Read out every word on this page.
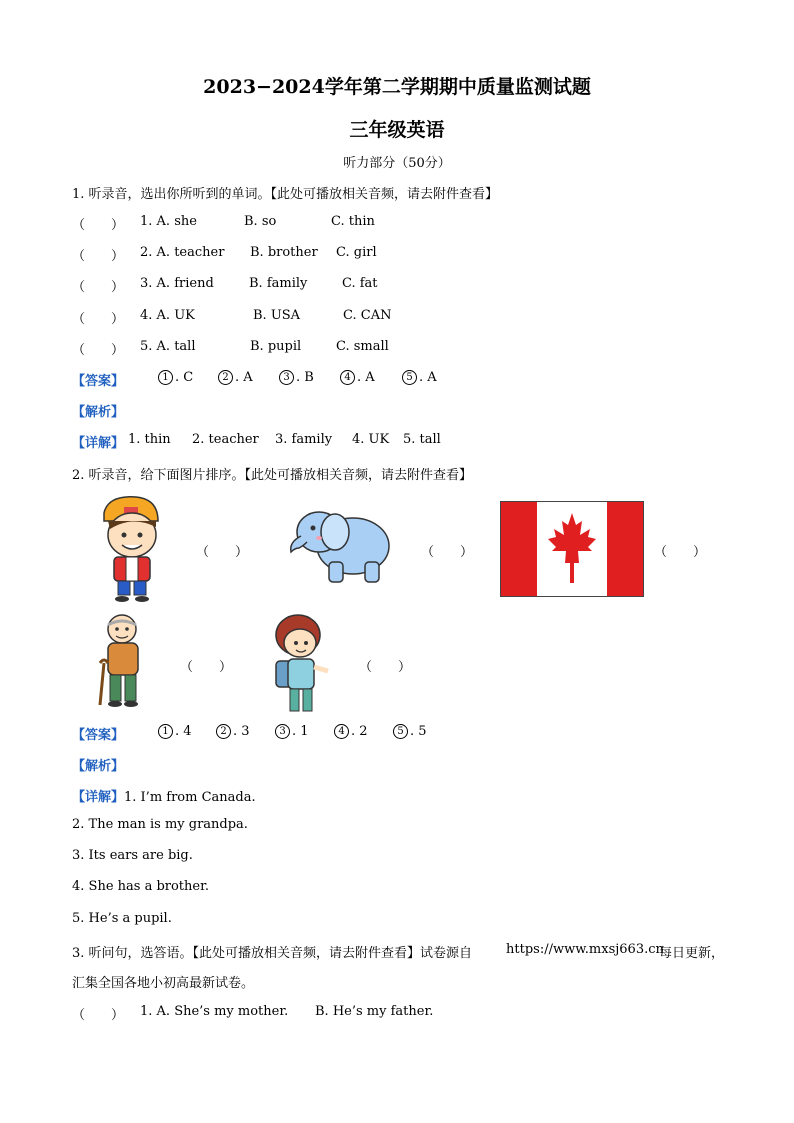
2023−2024学年第二学期期中质量监测试题
三年级英语
听力部分（50分）
1. 听录音，选出你所听到的单词。【此处可播放相关音频，请去附件查看】
（　　） 1. A. she	B. so	C. thin
（　　） 2. A. teacher B. brother C. girl
（　　） 3. A. friend	B. family	C. fat
（　　） 4. A. UK	B. USA	C. CAN
（　　） 5. A. tall	B. pupil	C. small
【答案】	1 . C	2 . A	3 . B	4 . A	5 . A
【解析】
【详解】 1. thin 2. teacher 3. family 4. UK 5. tall
2. 听录音，给下面图片排序。【此处可播放相关音频，请去附件查看】
（　　）	（　　）	（　　）
（　　）	（　　）
【答案】	1 . 4	2 . 3	3 . 1	4 . 2	5 . 5
【解析】
【详解】1. I’m from Canada.
2. The man is my grandpa.
3. Its ears are big.
4. She has a brother.
5. He’s a pupil.
3. 听问句，选答语。【此处可播放相关音频，请去附件查看】试卷源自	https://www.mxsj663.cn
每日更新，
汇集全国各地小初高最新试卷。
（　　） 1. A. She’s my mother. B. He’s my father.
